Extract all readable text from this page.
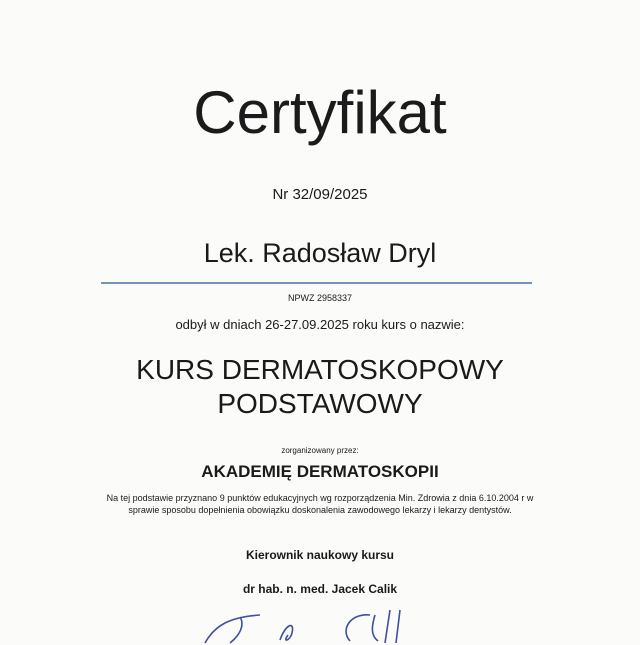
Certyfikat
Nr 32/09/2025
Lek. Radosław Dryl
NPWZ 2958337
odbył w dniach 26-27.09.2025 roku kurs o nazwie:
KURS DERMATOSKOPOWY
PODSTAWOWY
zorganizowany przez:
AKADEMIĘ DERMATOSKOPII
Na tej podstawie przyznano 9 punktów edukacyjnych wg rozporządzenia Min. Zdrowia z dnia 6.10.2004 r w
sprawie sposobu dopełnienia obowiązku doskonalenia zawodowego lekarzy i lekarzy dentystów.
Kierownik naukowy kursu
dr hab. n. med. Jacek Calik
